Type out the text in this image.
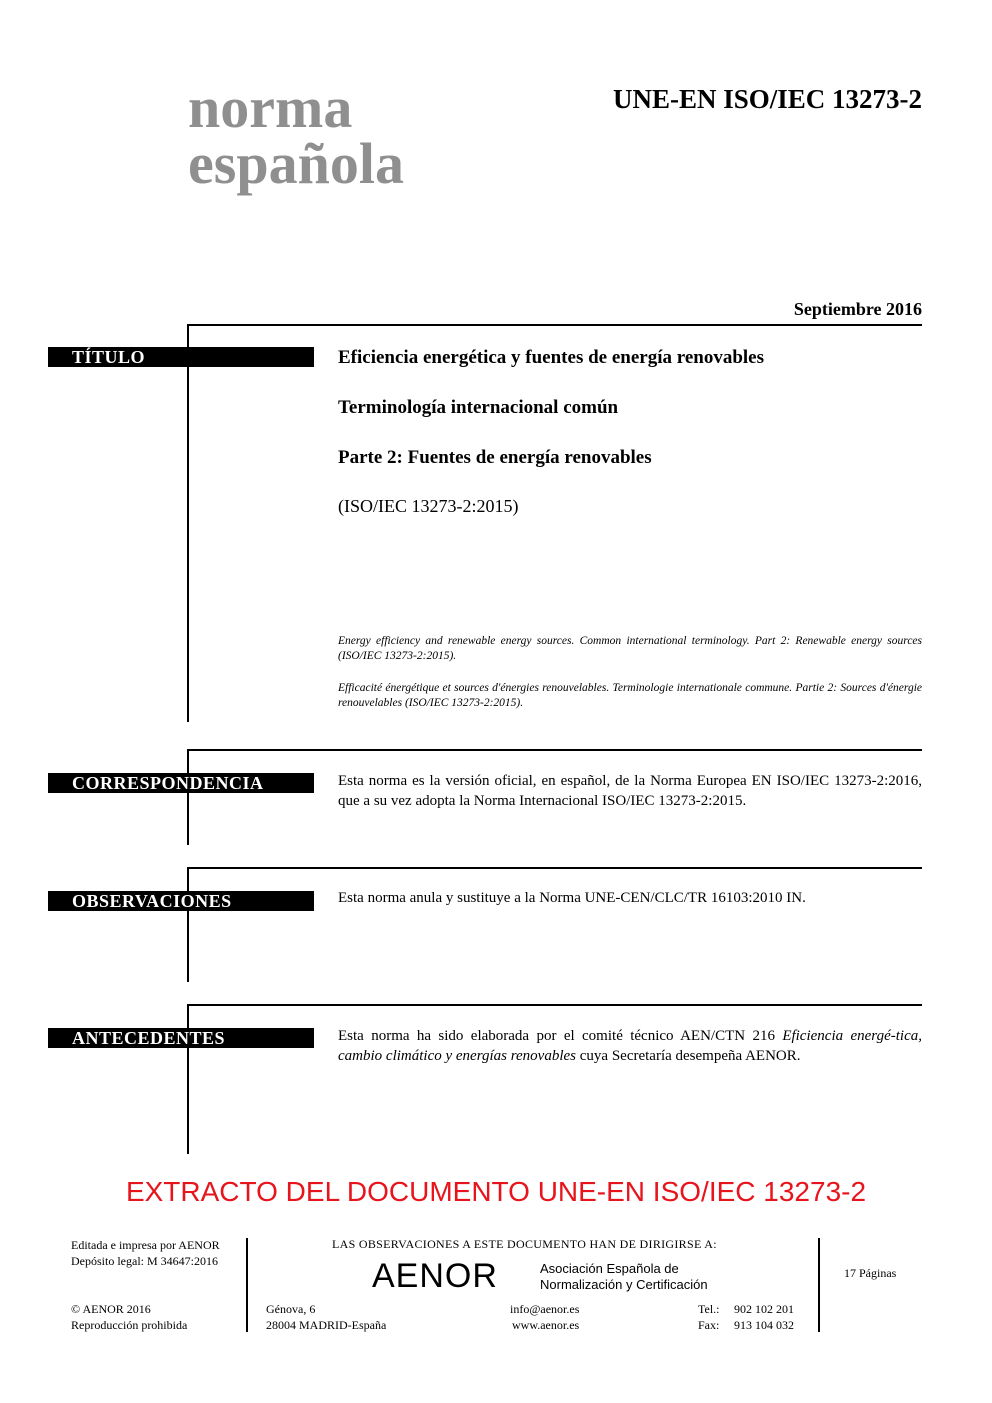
norma
española
UNE-EN ISO/IEC 13273-2
Septiembre 2016
TÍTULO	Eficiencia energética y fuentes de energía renovables
Terminología internacional común
Parte 2: Fuentes de energía renovables
(ISO/IEC 13273-2:2015)
Energy efficiency and renewable energy sources. Common international terminology. Part 2: Renewable energy sources (ISO/IEC 13273-2:2015).
Efficacité énergétique et sources d'énergies renouvelables. Terminologie internationale commune. Partie 2: Sources d'énergie renouvelables (ISO/IEC 13273-2:2015).
CORRESPONDENCIA	Esta norma es la versión oficial, en español, de la Norma Europea EN ISO/IEC 13273-2:2016, que a su vez adopta la Norma Internacional ISO/IEC 13273-2:2015.
OBSERVACIONES	Esta norma anula y sustituye a la Norma UNE-CEN/CLC/TR 16103:2010 IN.
ANTECEDENTES	Esta norma ha sido elaborada por el comité técnico AEN/CTN 216 Eficiencia energé-tica, cambio climático y energías renovables cuya Secretaría desempeña AENOR.
EXTRACTO DEL DOCUMENTO UNE-EN ISO/IEC 13273-2
Editada e impresa por AENOR
Depósito legal: M 34647:2016
© AENOR 2016
Reproducción prohibida
LAS OBSERVACIONES A ESTE DOCUMENTO HAN DE DIRIGIRSE A:
AENOR	Asociación Española de
Normalización y Certificación
Génova, 6
28004 MADRID-España
info@aenor.es
www.aenor.es
Tel.: 902 102 201
Fax: 913 104 032
17 Páginas
